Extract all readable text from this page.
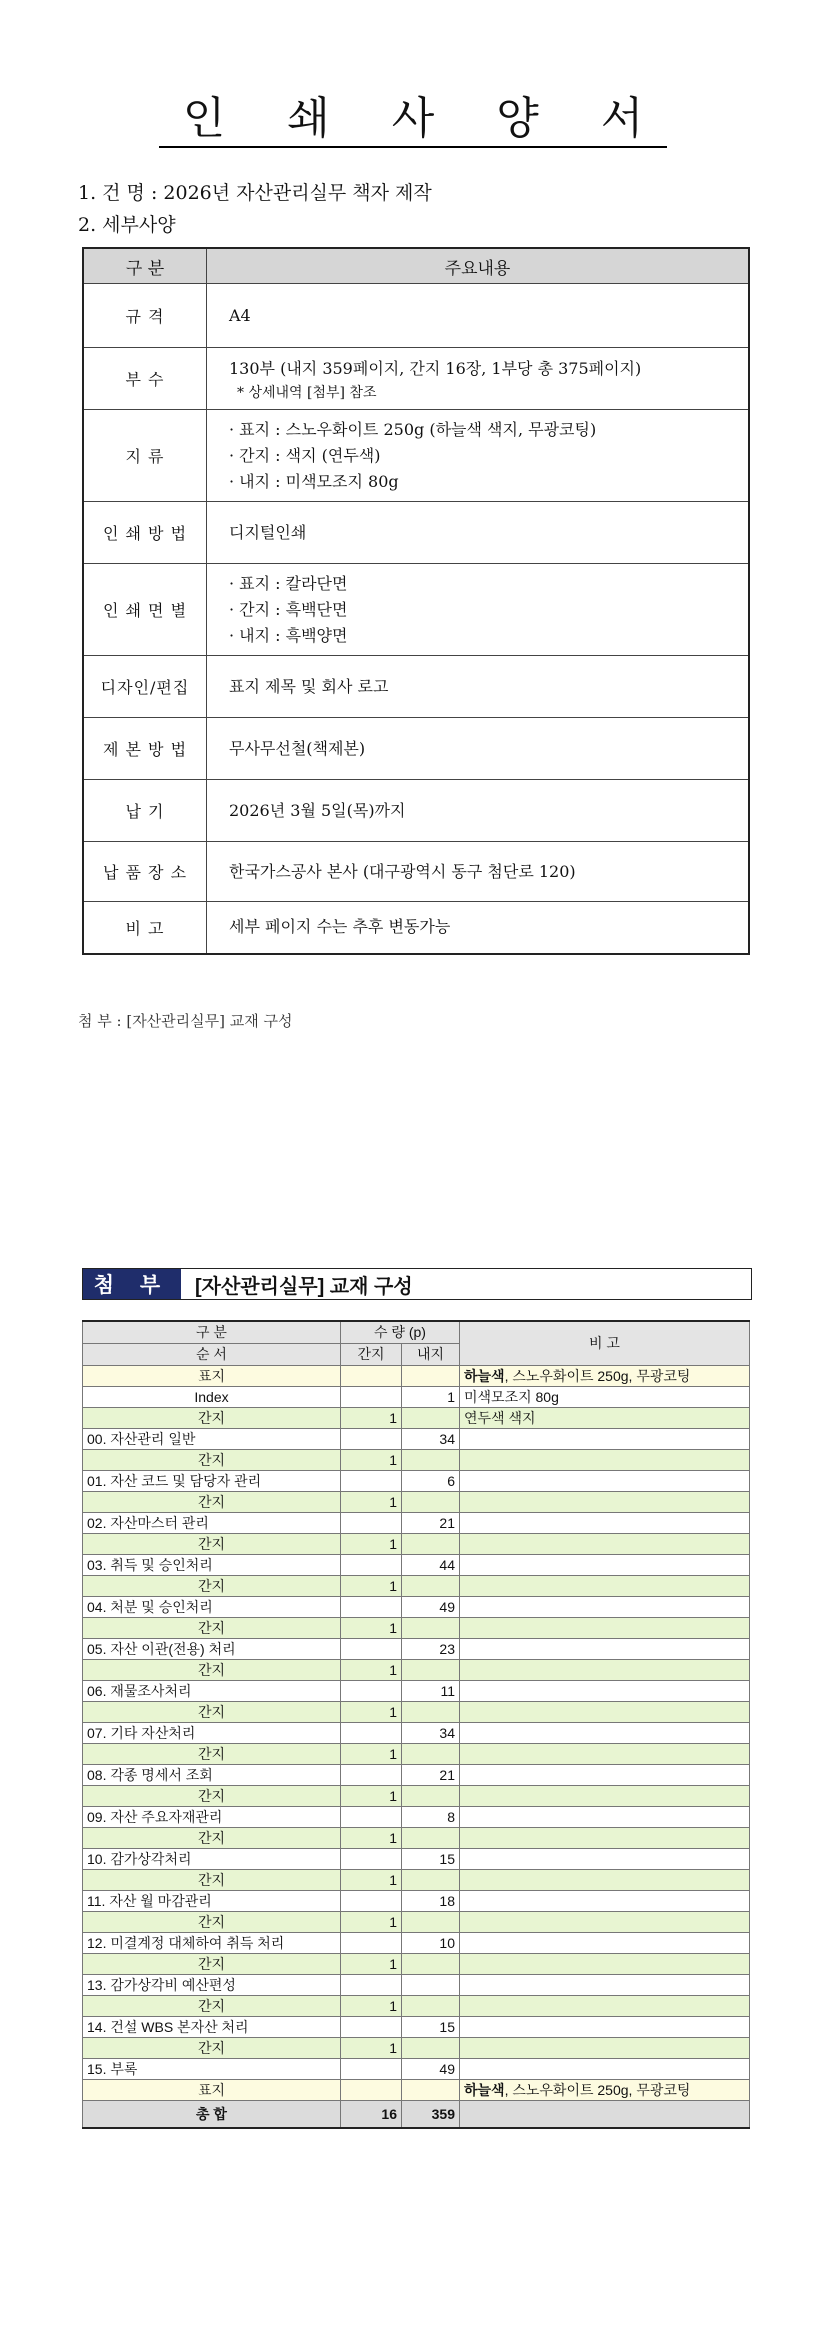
인 쇄 사 양 서
1. 건 명 : 2026년 자산관리실무 책자 제작
2. 세부사양
구 분	주요내용
규 격	A4

부 수	130부 (내지 359페이지, 간지 16장, 1부당 총 375페이지)
* 상세내역 [첨부] 참조

지 류	· 표지 : 스노우화이트 250g (하늘색 색지, 무광코팅)
· 간지 : 색지 (연두색)
· 내지 : 미색모조지 80g

인 쇄 방 법	디지털인쇄

인 쇄 면 별	· 표지 : 칼라단면
· 간지 : 흑백단면
· 내지 : 흑백양면

디자인/편집	표지 제목 및 회사 로고

제 본 방 법	무사무선철(책제본)

납 기	2026년 3월 5일(목)까지

납 품 장 소	한국가스공사 본사 (대구광역시 동구 첨단로 120)

비 고	세부 페이지 수는 추후 변동가능
첨 부 : [자산관리실무] 교재 구성
첨 부	[자산관리실무] 교재 구성
구 분	수 량 (p)		비 고
순 서	간지	내지	
표지			하늘색, 스노우화이트 250g, 무광코팅
Index		1	미색모조지 80g
간지	1		연두색 색지
00. 자산관리 일반		34	
간지	1		
01. 자산 코드 및 담당자 관리		6	
간지	1		
02. 자산마스터 관리		21	
간지	1		
03. 취득 및 승인처리		44	
간지	1		
04. 처분 및 승인처리		49	
간지	1		
05. 자산 이관(전용) 처리		23	
간지	1		
06. 재물조사처리		11	
간지	1		
07. 기타 자산처리		34	
간지	1		
08. 각종 명세서 조회		21	
간지	1		
09. 자산 주요자재관리		8	
간지	1		
10. 감가상각처리		15	
간지	1		
11. 자산 월 마감관리		18	
간지	1		
12. 미결계정 대체하여 취득 처리		10	
간지	1		
13. 감가상각비 예산편성			
간지	1		
14. 건설 WBS 본자산 처리		15	
간지	1		
15. 부록		49	
표지			하늘색, 스노우화이트 250g, 무광코팅
총 합	16	359	
